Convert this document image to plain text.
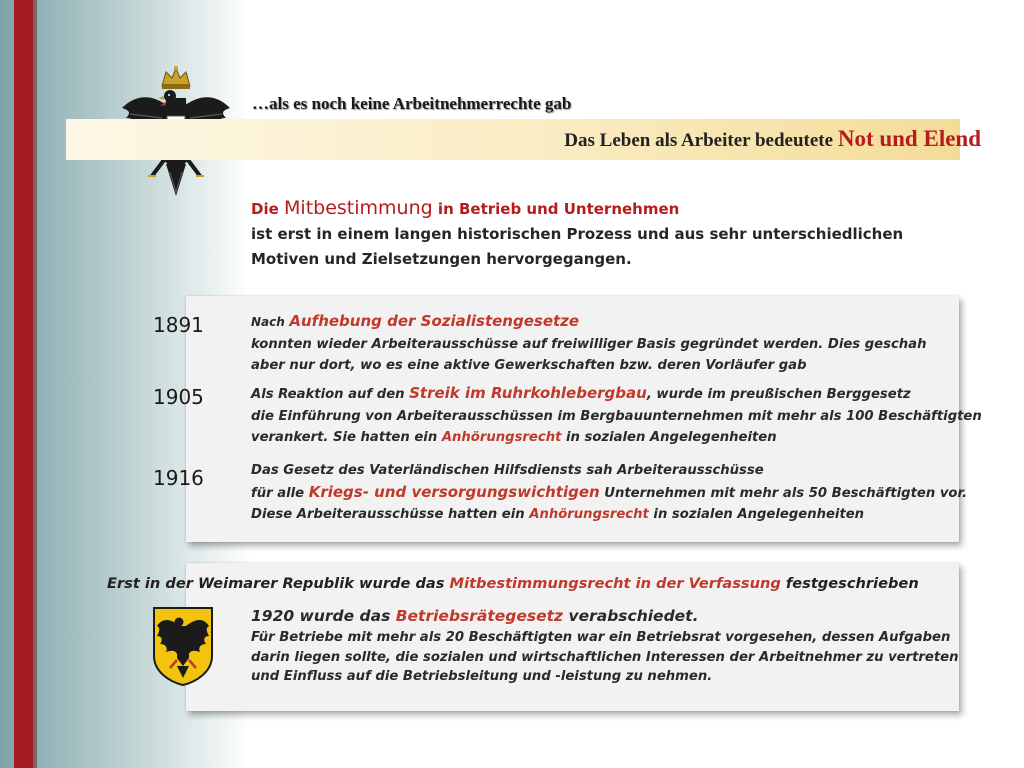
…als es noch keine Arbeitnehmerrechte gab

Das Leben als Arbeiter bedeutete Not und Elend

Die Mitbestimmung in Betrieb und Unternehmen
ist erst in einem langen historischen Prozess und aus sehr unterschiedlichen
Motiven und Zielsetzungen hervorgegangen.

1891	Nach Aufhebung der Sozialistengesetze
konnten wieder Arbeiterausschüsse auf freiwilliger Basis gegründet werden. Dies geschah
aber nur dort, wo es eine aktive Gewerkschaften bzw. deren Vorläufer gab

1905	Als Reaktion auf den Streik im Ruhrkohlebergbau, wurde im preußischen Berggesetz
die Einführung von Arbeiterausschüssen im Bergbauunternehmen mit mehr als 100 Beschäftigten
verankert. Sie hatten ein Anhörungsrecht in sozialen Angelegenheiten

1916	Das Gesetz des Vaterländischen Hilfsdiensts sah Arbeiterausschüsse
für alle Kriegs- und versorgungswichtigen Unternehmen mit mehr als 50 Beschäftigten vor.
Diese Arbeiterausschüsse hatten ein Anhörungsrecht in sozialen Angelegenheiten

Erst in der Weimarer Republik wurde das Mitbestimmungsrecht in der Verfassung festgeschrieben

1920 wurde das Betriebsrätegesetz verabschiedet.
Für Betriebe mit mehr als 20 Beschäftigten war ein Betriebsrat vorgesehen, dessen Aufgaben
darin liegen sollte, die sozialen und wirtschaftlichen Interessen der Arbeitnehmer zu vertreten
und Einfluss auf die Betriebsleitung und -leistung zu nehmen.
